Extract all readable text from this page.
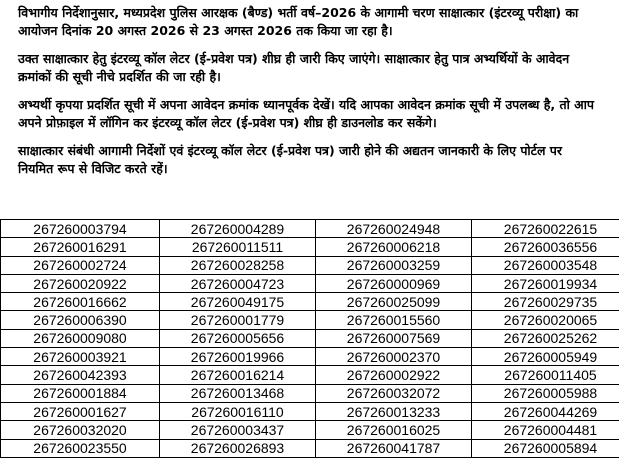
विभागीय निर्देशानुसार, मध्यप्रदेश पुलिस आरक्षक (बैण्ड) भर्ती वर्ष–2026 के आगामी चरण साक्षात्कार (इंटरव्यू परीक्षा) का आयोजन दिनांक 20 अगस्त 2026 से 23 अगस्त 2026 तक किया जा रहा है।

उक्त साक्षात्कार हेतु इंटरव्यू कॉल लेटर (ई-प्रवेश पत्र) शीघ्र ही जारी किए जाएंगे। साक्षात्कार हेतु पात्र अभ्यर्थियों के आवेदन क्रमांकों की सूची नीचे प्रदर्शित की जा रही है।

अभ्यर्थी कृपया प्रदर्शित सूची में अपना आवेदन क्रमांक ध्यानपूर्वक देखें। यदि आपका आवेदन क्रमांक सूची में उपलब्ध है, तो आप अपने प्रोफ़ाइल में लॉगिन कर इंटरव्यू कॉल लेटर (ई-प्रवेश पत्र) शीघ्र ही डाउनलोड कर सकेंगे।

साक्षात्कार संबंधी आगामी निर्देशों एवं इंटरव्यू कॉल लेटर (ई-प्रवेश पत्र) जारी होने की अद्यतन जानकारी के लिए पोर्टल पर नियमित रूप से विजिट करते रहें।

267260003794	267260004289	267260024948	267260022615
267260016291	267260011511	267260006218	267260036556
267260002724	267260028258	267260003259	267260003548
267260020922	267260004723	267260000969	267260019934
267260016662	267260049175	267260025099	267260029735
267260006390	267260001779	267260015560	267260020065
267260009080	267260005656	267260007569	267260025262
267260003921	267260019966	267260002370	267260005949
267260042393	267260016214	267260002922	267260011405
267260001884	267260013468	267260032072	267260005988
267260001627	267260016110	267260013233	267260044269
267260032020	267260003437	267260016025	267260004481
267260023550	267260026893	267260041787	267260005894
